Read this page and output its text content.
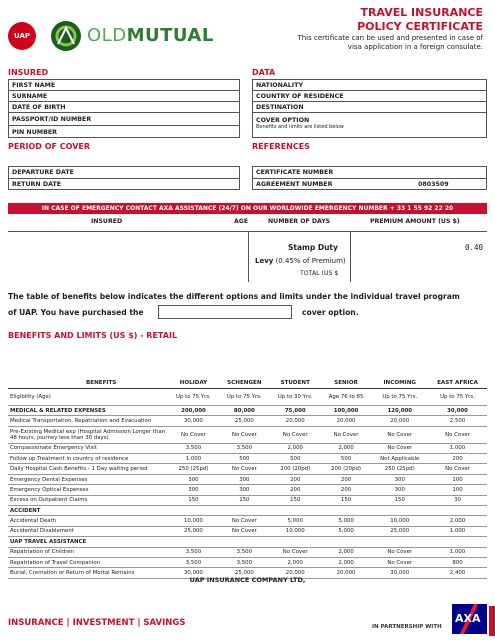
UAP	OLDMUTUAL
TRAVEL INSURANCE
POLICY CERTIFICATE
This certificate can be used and presented in case of
visa application in a foreign consulate.
INSURED
FIRST NAME
SURNAME
DATE OF BIRTH
PASSPORT/ID NUMBER
PIN NUMBER
DATA
NATIONALITY
COUNTRY OF RESIDENCE
DESTINATION
COVER OPTION
Benefits and limits are listed below
PERIOD OF COVER
DEPARTURE DATE
RETURN DATE
REFERENCES
CERTIFICATE NUMBER
AGREEMENT NUMBER	0803509
IN CASE OF EMERGENCY CONTACT AXA ASSISTANCE (24/7) ON OUR WORLDWIDE EMERGENCY NUMBER + 33 1 55 92 22 20
INSURED	AGE	NUMBER OF DAYS	PREMIUM AMOUNT (US $)
Stamp Duty	0.40
Levy (0.45% of Premium)
TOTAL (US $
The table of benefits below indicates the different options and limits under the individual travel program
of UAP. You have purchased the	cover option.
BENEFITS AND LIMITS (US $) - RETAIL
BENEFITS	HOLIDAY	SCHENGEN	STUDENT	SENIOR	INCOMING	EAST AFRICA
Eligibility (Age)	Up to 75 Yrs.	Up to 75 Yrs.	Up to 30 Yrs.	Age 76 to 85	Up to 75 Yrs.	Up to 75 Yrs.
MEDICAL & RELATED EXPENSES	200,000	80,000	75,000	100,000	120,000	30,000
Medical Transportation, Repatriation and Evacuation	30,000	25,000	20,000	20,000	20,000	2,500
Pre-Existing Medical exp (Hospital Admission Longer than 48 hours, journey less than 30 days)	No Cover	No Cover	No Cover	No Cover	No Cover	No Cover
Compassionate Emergency Visit	3,500	3,500	2,000	2,000	No Cover	1,000
Follow up Treatment in country of residence	1,000	500	500	500	Not Applicable	200
Daily Hospital Cash Benefits - 1 Day waiting period	250 (25pd)	No Cover	200 (20pd)	200 (20pd)	250 (25pd)	No Cover
Emergency Dental Expenses	300	300	200	200	300	100
Emergency Optical Expenses	300	300	200	200	300	100
Excess on Outpatient Claims	150	150	150	150	150	30
ACCIDENT						
Accidental Death	10,000	No Cover	5,000	5,000	10,000	2,000
Accidental Disablement	25,000	No Cover	10,000	5,000	25,000	1,000
UAP TRAVEL ASSISTANCE						
Repatriation of Children	3,500	3,500	No Cover	2,000	No Cover	1,000
Repatriation of Travel Companion	3,500	3,500	2,000	2,000	No Cover	800
Burial, Cremation or Return of Mortal Remains	30,000	25,000	20,000	20,000	30,000	2,400
UAP INSURANCE COMPANY LTD,
INSURANCE | INVESTMENT | SAVINGS	IN PARTNERSHIP WITH
AXA
